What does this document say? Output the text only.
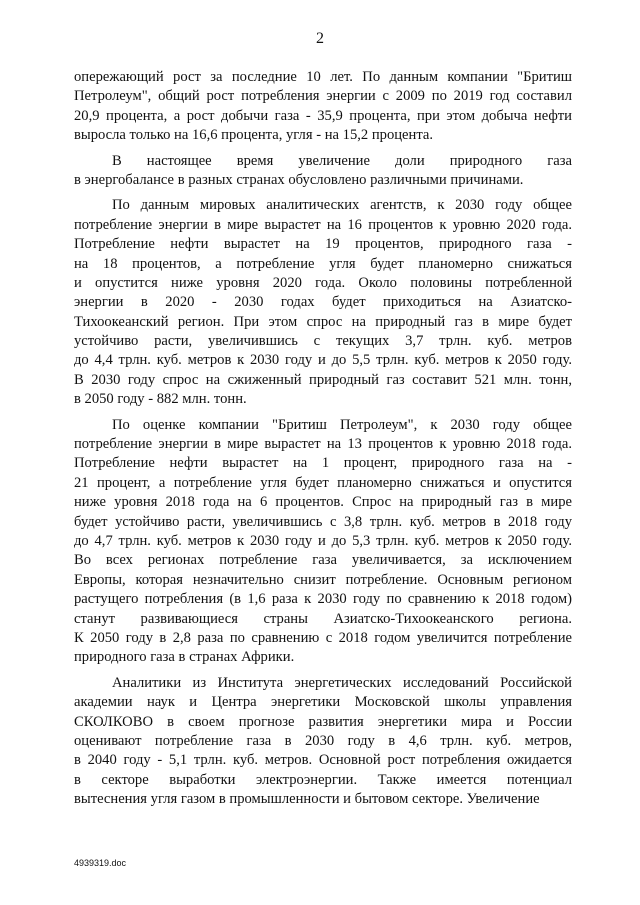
2
опережающий рост за последние 10 лет. По данным компании "Бритиш
Петролеум", общий рост потребления энергии с 2009 по 2019 год составил
20,9 процента, а рост добычи газа - 35,9 процента, при этом добыча нефти
выросла только на 16,6 процента, угля - на 15,2 процента.
В настоящее время увеличение доли природного газа
в энергобалансе в разных странах обусловлено различными причинами.
По данным мировых аналитических агентств, к 2030 году общее
потребление энергии в мире вырастет на 16 процентов к уровню 2020 года.
Потребление нефти вырастет на 19 процентов, природного газа -
на 18 процентов, а потребление угля будет планомерно снижаться
и опустится ниже уровня 2020 года. Около половины потребленной
энергии в 2020 - 2030 годах будет приходиться на Азиатско-
Тихоокеанский регион. При этом спрос на природный газ в мире будет
устойчиво расти, увеличившись с текущих 3,7 трлн. куб. метров
до 4,4 трлн. куб. метров к 2030 году и до 5,5 трлн. куб. метров к 2050 году.
В 2030 году спрос на сжиженный природный газ составит 521 млн. тонн,
в 2050 году - 882 млн. тонн.
По оценке компании "Бритиш Петролеум", к 2030 году общее
потребление энергии в мире вырастет на 13 процентов к уровню 2018 года.
Потребление нефти вырастет на 1 процент, природного газа на -
21 процент, а потребление угля будет планомерно снижаться и опустится
ниже уровня 2018 года на 6 процентов. Спрос на природный газ в мире
будет устойчиво расти, увеличившись с 3,8 трлн. куб. метров в 2018 году
до 4,7 трлн. куб. метров к 2030 году и до 5,3 трлн. куб. метров к 2050 году.
Во всех регионах потребление газа увеличивается, за исключением
Европы, которая незначительно снизит потребление. Основным регионом
растущего потребления (в 1,6 раза к 2030 году по сравнению к 2018 годом)
станут развивающиеся страны Азиатско-Тихоокеанского региона.
К 2050 году в 2,8 раза по сравнению с 2018 годом увеличится потребление
природного газа в странах Африки.
Аналитики из Института энергетических исследований Российской
академии наук и Центра энергетики Московской школы управления
СКОЛКОВО в своем прогнозе развития энергетики мира и России
оценивают потребление газа в 2030 году в 4,6 трлн. куб. метров,
в 2040 году - 5,1 трлн. куб. метров. Основной рост потребления ожидается
в секторе выработки электроэнергии. Также имеется потенциал
вытеснения угля газом в промышленности и бытовом секторе. Увеличение
4939319.doc
